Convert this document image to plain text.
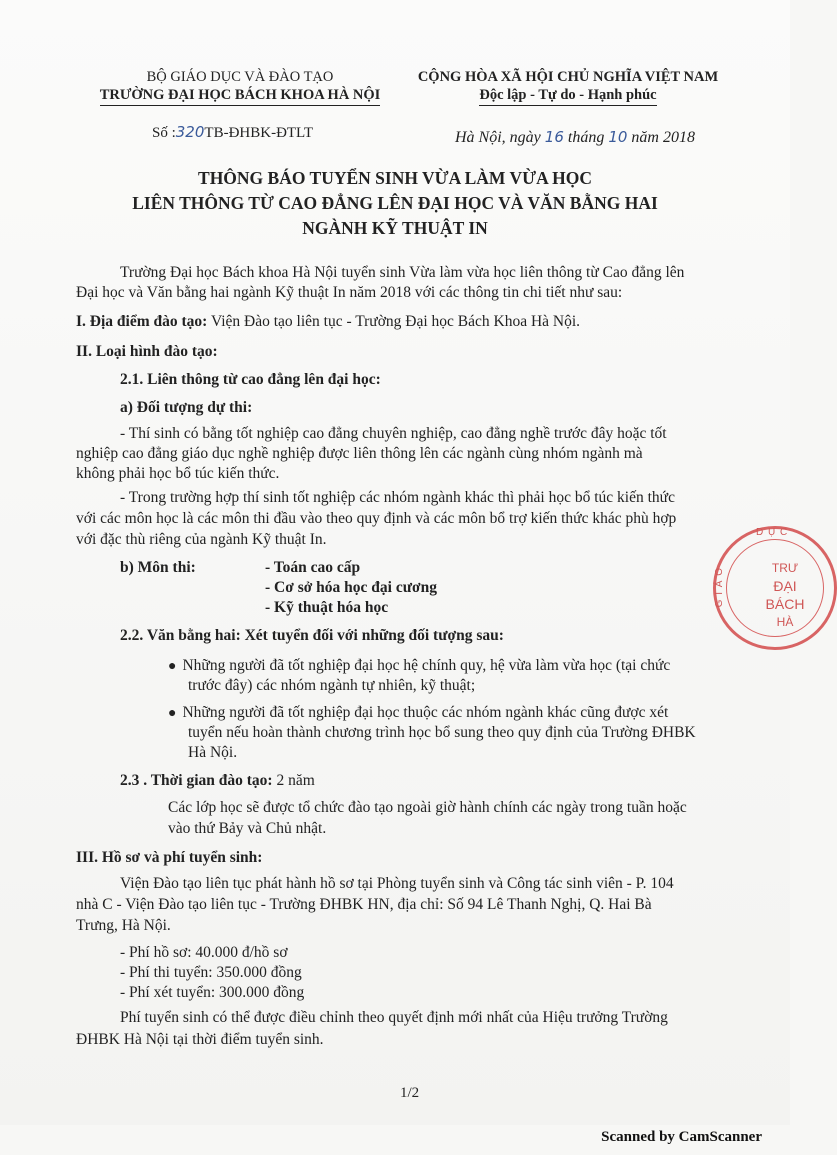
BỘ GIÁO DỤC VÀ ĐÀO TẠO
TRƯỜNG ĐẠI HỌC BÁCH KHOA HÀ NỘI
CỘNG HÒA XÃ HỘI CHỦ NGHĨA VIỆT NAM
Độc lập - Tự do - Hạnh phúc
Số :320TB-ĐHBK-ĐTLT	Hà Nội, ngày 16 tháng 10 năm 2018
THÔNG BÁO TUYỂN SINH VỪA LÀM VỪA HỌC
LIÊN THÔNG TỪ CAO ĐẲNG LÊN ĐẠI HỌC VÀ VĂN BẰNG HAI
NGÀNH KỸ THUẬT IN
Trường Đại học Bách khoa Hà Nội tuyển sinh Vừa làm vừa học liên thông từ Cao đẳng lên
Đại học và Văn bằng hai ngành Kỹ thuật In năm 2018 với các thông tin chi tiết như sau:
I. Địa điểm đào tạo: Viện Đào tạo liên tục - Trường Đại học Bách Khoa Hà Nội.
II. Loại hình đào tạo:
2.1. Liên thông từ cao đẳng lên đại học:
a) Đối tượng dự thi:
- Thí sinh có bằng tốt nghiệp cao đẳng chuyên nghiệp, cao đẳng nghề trước đây hoặc tốt
nghiệp cao đẳng giáo dục nghề nghiệp được liên thông lên các ngành cùng nhóm ngành mà
không phải học bổ túc kiến thức.
- Trong trường hợp thí sinh tốt nghiệp các nhóm ngành khác thì phải học bổ túc kiến thức
với các môn học là các môn thi đầu vào theo quy định và các môn bổ trợ kiến thức khác phù hợp
với đặc thù riêng của ngành Kỹ thuật In.
b) Môn thi:	- Toán cao cấp
- Cơ sở hóa học đại cương
- Kỹ thuật hóa học
2.2. Văn bằng hai: Xét tuyển đối với những đối tượng sau:
● Những người đã tốt nghiệp đại học hệ chính quy, hệ vừa làm vừa học (tại chức
trước đây) các nhóm ngành tự nhiên, kỹ thuật;
● Những người đã tốt nghiệp đại học thuộc các nhóm ngành khác cũng được xét
tuyển nếu hoàn thành chương trình học bổ sung theo quy định của Trường ĐHBK
Hà Nội.
2.3 . Thời gian đào tạo: 2 năm
Các lớp học sẽ được tổ chức đào tạo ngoài giờ hành chính các ngày trong tuần hoặc
vào thứ Bảy và Chủ nhật.
III. Hồ sơ và phí tuyển sinh:
Viện Đào tạo liên tục phát hành hồ sơ tại Phòng tuyển sinh và Công tác sinh viên - P. 104
nhà C - Viện Đào tạo liên tục - Trường ĐHBK HN, địa chỉ: Số 94 Lê Thanh Nghị, Q. Hai Bà
Trưng, Hà Nội.
- Phí hồ sơ: 40.000 đ/hồ sơ
- Phí thi tuyển: 350.000 đồng
- Phí xét tuyển: 300.000 đồng
Phí tuyển sinh có thể được điều chỉnh theo quyết định mới nhất của Hiệu trưởng Trường
ĐHBK Hà Nội tại thời điểm tuyển sinh.
1/2
D Ụ C
G I Á O	TRƯ
ĐẠI
BÁCH
HÀ
Scanned by CamScanner
